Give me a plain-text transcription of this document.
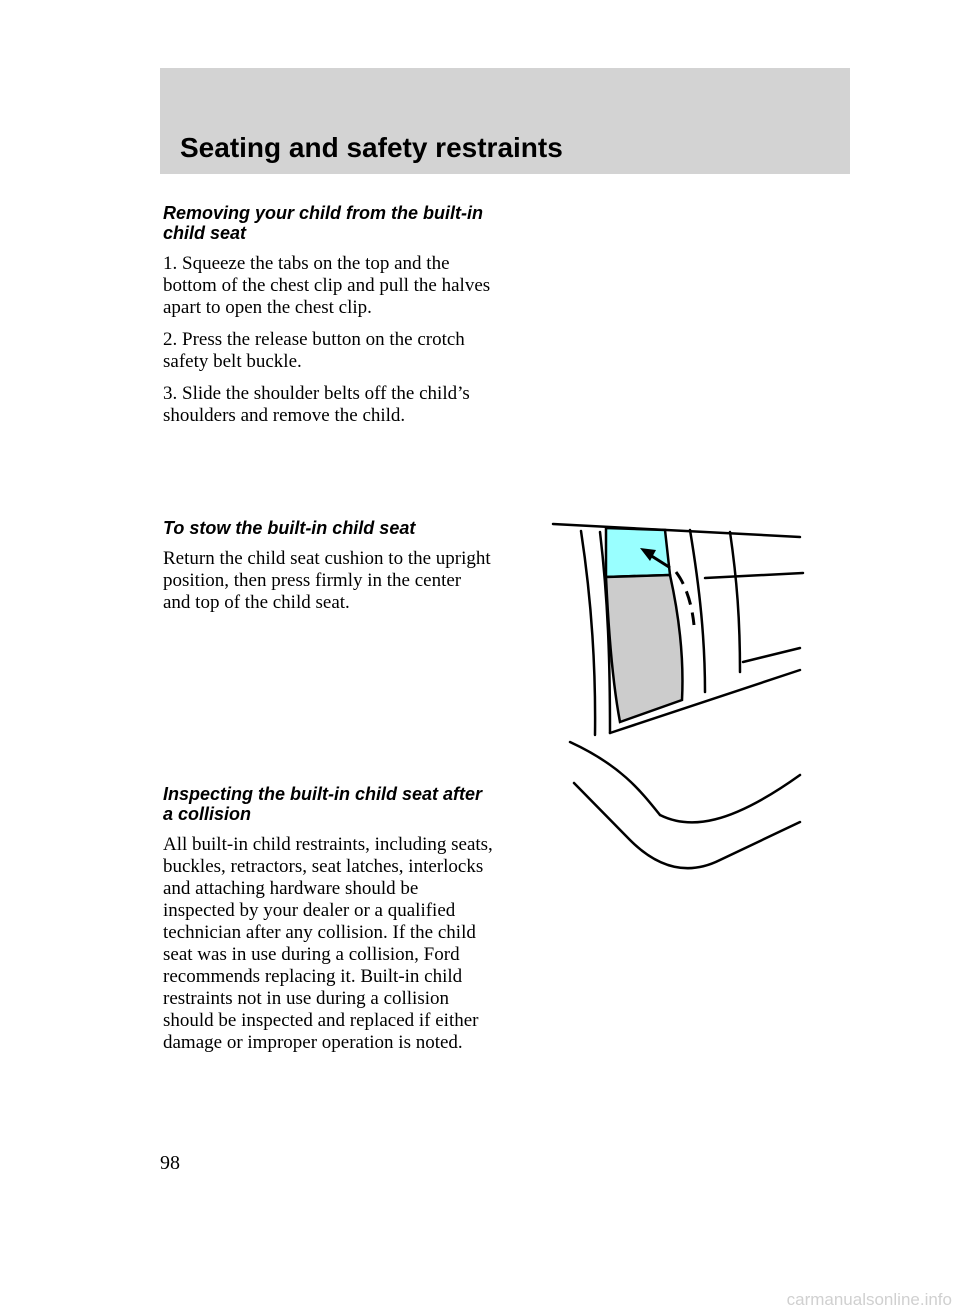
Seating and safety restraints
Removing your child from the built-in child seat

1. Squeeze the tabs on the top and the bottom of the chest clip and pull the halves apart to open the chest clip.

2. Press the release button on the crotch safety belt buckle.

3. Slide the shoulder belts off the child’s shoulders and remove the child.

To stow the built-in child seat

Return the child seat cushion to the upright position, then press firmly in the center and top of the child seat.

Inspecting the built-in child seat after a collision

All built-in child restraints, including seats, buckles, retractors, seat latches, interlocks and attaching hardware should be inspected by your dealer or a qualified technician after any collision. If the child seat was in use during a collision, Ford recommends replacing it. Built-in child restraints not in use during a collision should be inspected and replaced if either damage or improper operation is noted.

98
carmanualsonline.info
